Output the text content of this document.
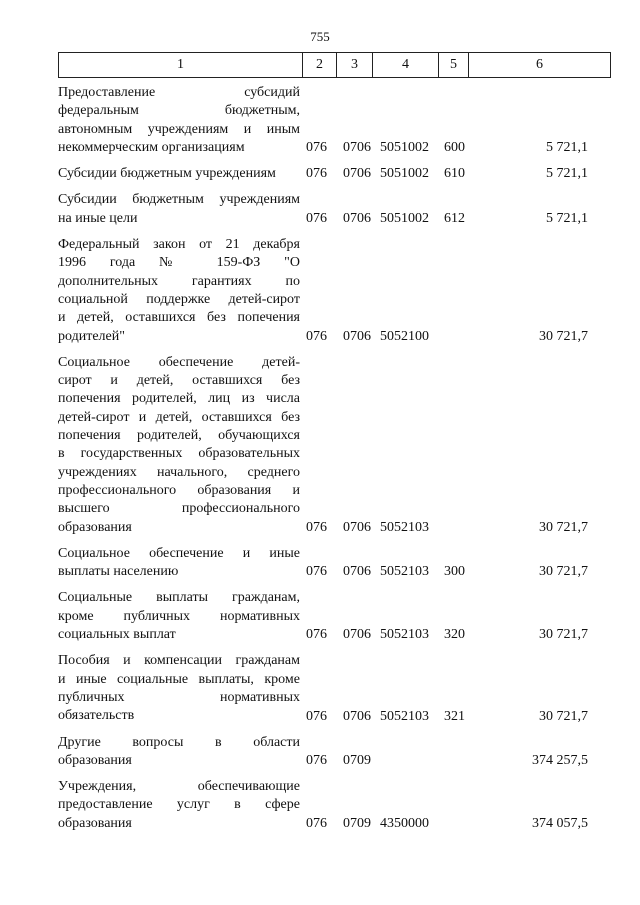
755
1	2	3	4	5	6
Предоставление субсидий
федеральным бюджетным,
автономным учреждениям и иным
некоммерческим организациям	076 0706 5051002 600	5 721,1
Субсидии бюджетным учреждениям	076 0706 5051002 610	5 721,1
Субсидии бюджетным учреждениям
на иные цели	076 0706 5051002 612	5 721,1
Федеральный закон от 21 декабря
1996 года № 159-ФЗ "О
дополнительных гарантиях по
социальной поддержке детей-сирот
и детей, оставшихся без попечения
родителей"	076 0706 5052100	30 721,7
Социальное обеспечение детей-
сирот и детей, оставшихся без
попечения родителей, лиц из числа
детей-сирот и детей, оставшихся без
попечения родителей, обучающихся
в государственных образовательных
учреждениях начального, среднего
профессионального образования и
высшего профессионального
образования	076 0706 5052103	30 721,7
Социальное обеспечение и иные
выплаты населению	076 0706 5052103 300	30 721,7
Социальные выплаты гражданам,
кроме публичных нормативных
социальных выплат	076 0706 5052103 320	30 721,7
Пособия и компенсации гражданам
и иные социальные выплаты, кроме
публичных нормативных
обязательств	076 0706 5052103 321	30 721,7
Другие вопросы в области
образования	076 0709	374 257,5
Учреждения, обеспечивающие
предоставление услуг в сфере
образования	076 0709 4350000	374 057,5
